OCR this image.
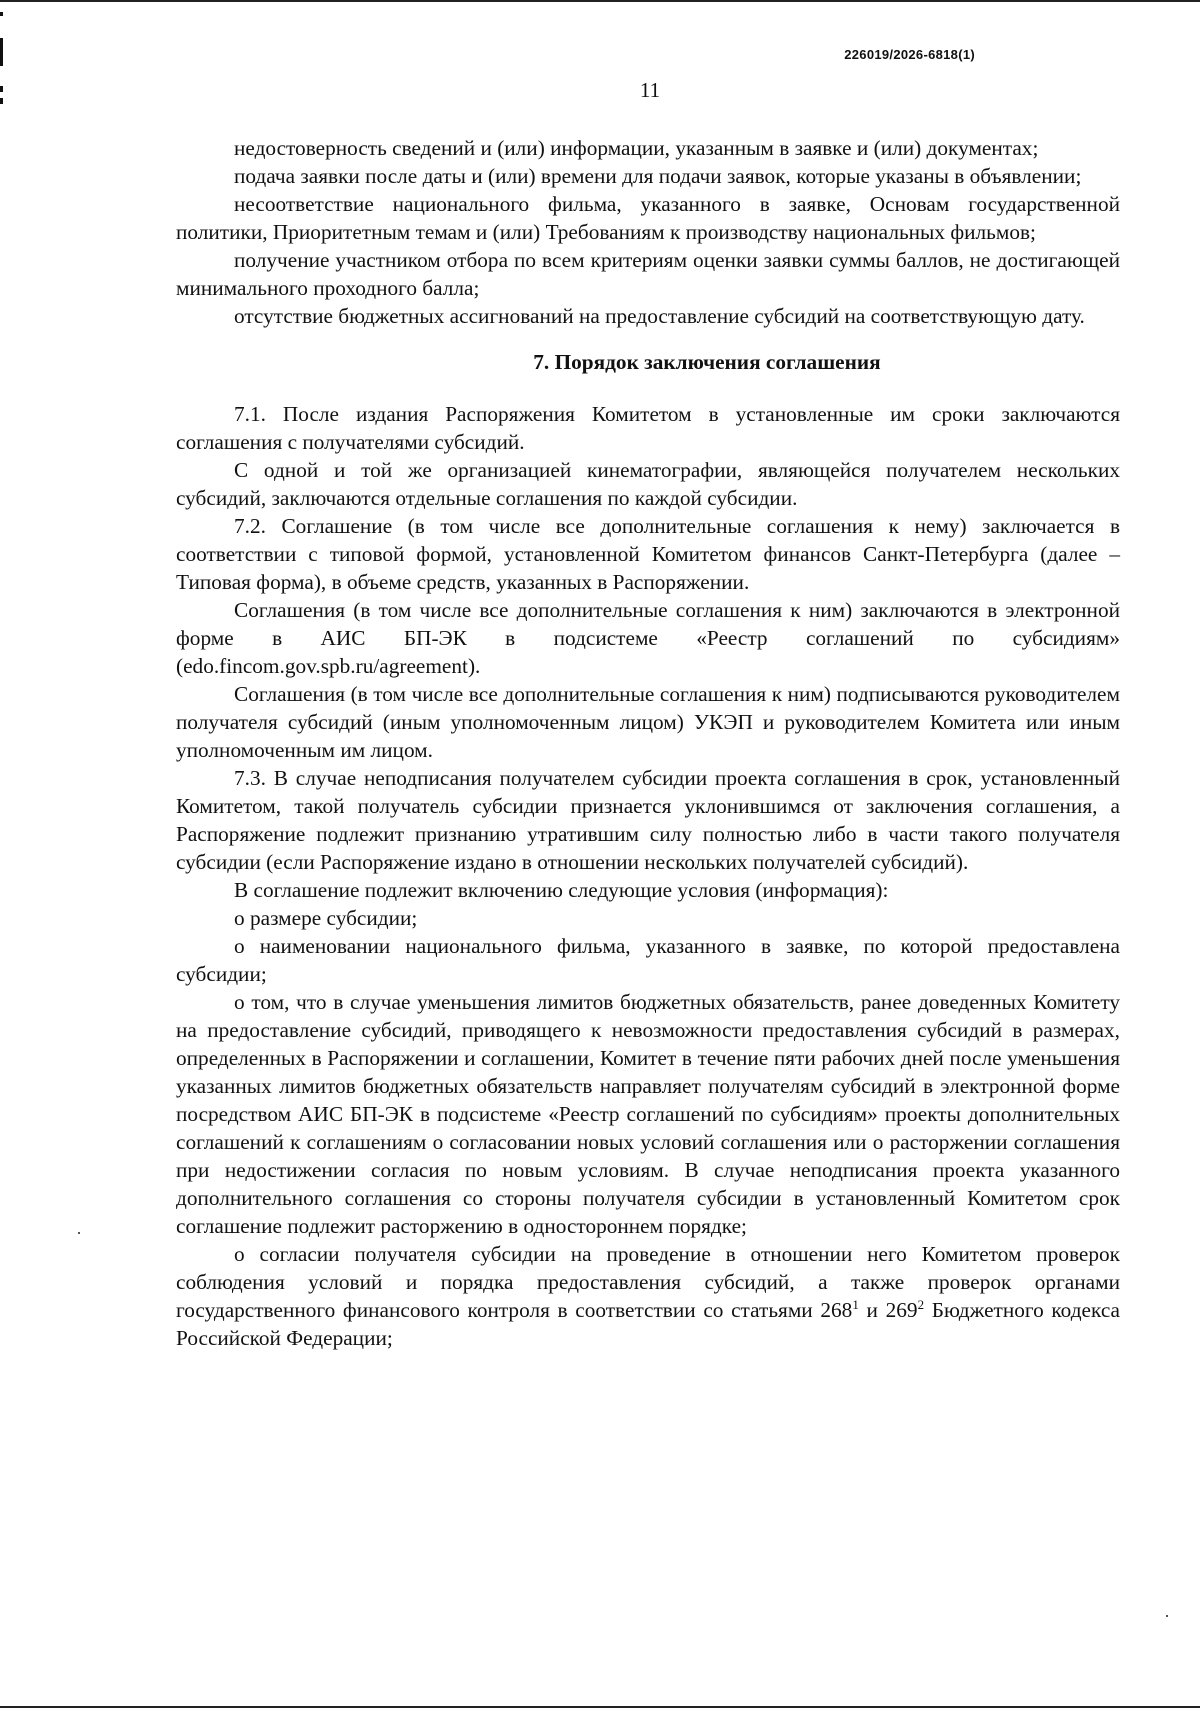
226019/2026-6818(1)
11

недостоверность сведений и (или) информации, указанным в заявке и (или) документах;

подача заявки после даты и (или) времени для подачи заявок, которые указаны в объявлении;

несоответствие национального фильма, указанного в заявке, Основам государственной политики, Приоритетным темам и (или) Требованиям к производству национальных фильмов;

получение участником отбора по всем критериям оценки заявки суммы баллов, не достигающей минимального проходного балла;

отсутствие бюджетных ассигнований на предоставление субсидий на соответствующую дату.

7. Порядок заключения соглашения

7.1. После издания Распоряжения Комитетом в установленные им сроки заключаются соглашения с получателями субсидий.

С одной и той же организацией кинематографии, являющейся получателем нескольких субсидий, заключаются отдельные соглашения по каждой субсидии.

7.2. Соглашение (в том числе все дополнительные соглашения к нему) заключается в соответствии с типовой формой, установленной Комитетом финансов Санкт-Петербурга (далее – Типовая форма), в объеме средств, указанных в Распоряжении.

Соглашения (в том числе все дополнительные соглашения к ним) заключаются в электронной форме в АИС БП-ЭК в подсистеме «Реестр соглашений по субсидиям» (edo.fincom.gov.spb.ru/agreement).

Соглашения (в том числе все дополнительные соглашения к ним) подписываются руководителем получателя субсидий (иным уполномоченным лицом) УКЭП и руководителем Комитета или иным уполномоченным им лицом.

7.3. В случае неподписания получателем субсидии проекта соглашения в срок, установленный Комитетом, такой получатель субсидии признается уклонившимся от заключения соглашения, а Распоряжение подлежит признанию утратившим силу полностью либо в части такого получателя субсидии (если Распоряжение издано в отношении нескольких получателей субсидий).

В соглашение подлежит включению следующие условия (информация):

о размере субсидии;

о наименовании национального фильма, указанного в заявке, по которой предоставлена субсидии;

о том, что в случае уменьшения лимитов бюджетных обязательств, ранее доведенных Комитету на предоставление субсидий, приводящего к невозможности предоставления субсидий в размерах, определенных в Распоряжении и соглашении, Комитет в течение пяти рабочих дней после уменьшения указанных лимитов бюджетных обязательств направляет получателям субсидий в электронной форме посредством АИС БП-ЭК в подсистеме «Реестр соглашений по субсидиям» проекты дополнительных соглашений к соглашениям о согласовании новых условий соглашения или о расторжении соглашения при недостижении согласия по новым условиям. В случае неподписания проекта указанного дополнительного соглашения со стороны получателя субсидии в установленный Комитетом срок соглашение подлежит расторжению в одностороннем порядке;

о согласии получателя субсидии на проведение в отношении него Комитетом проверок соблюдения условий и порядка предоставления субсидий, а также проверок органами государственного финансового контроля в соответствии со статьями $268^1$ и $269^2$ Бюджетного кодекса Российской Федерации;
